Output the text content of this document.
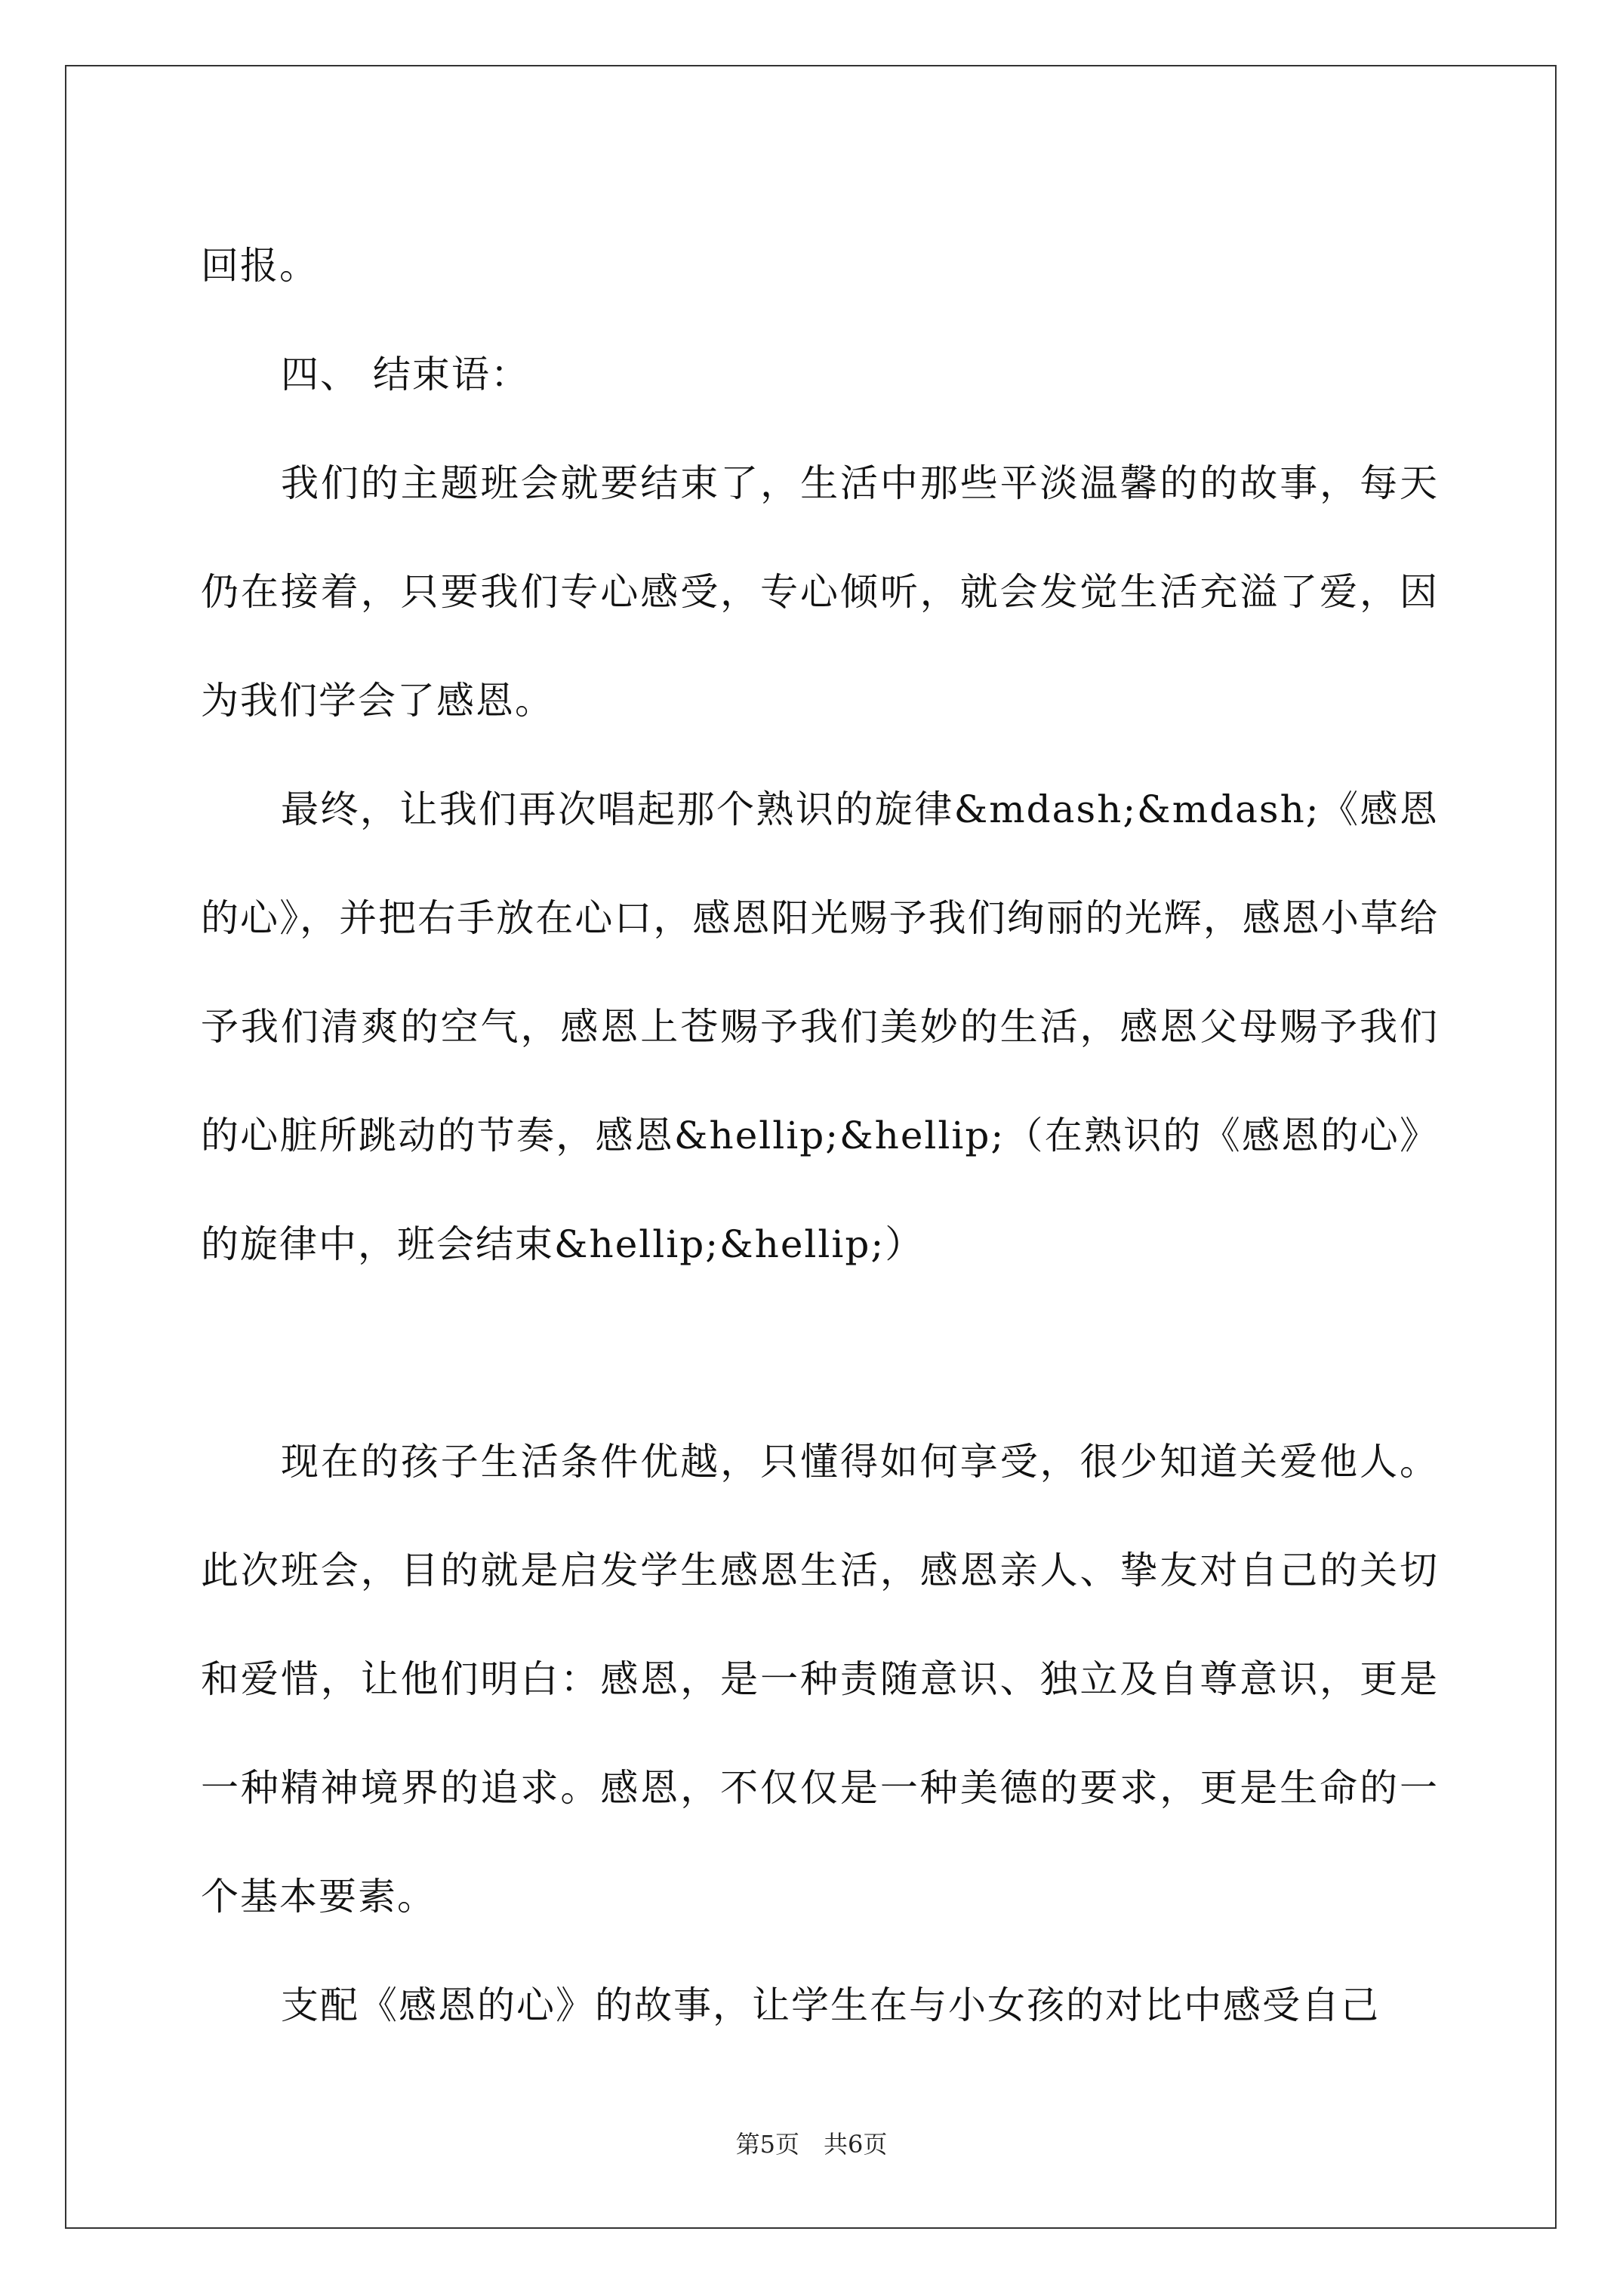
回报。

四、 结束语：

我们的主题班会就要结束了，生活中那些平淡温馨的的故事，每天仍在接着，只要我们专心感受，专心倾听，就会发觉生活充溢了爱，因为我们学会了感恩。

最终，让我们再次唱起那个熟识的旋律&mdash;&mdash;《感恩的心》，并把右手放在心口，感恩阳光赐予我们绚丽的光辉，感恩小草给予我们清爽的空气，感恩上苍赐予我们美妙的生活，感恩父母赐予我们的心脏所跳动的节奏，感恩&hellip;&hellip;（在熟识的《感恩的心》的旋律中，班会结束&hellip;&hellip;）

现在的孩子生活条件优越，只懂得如何享受，很少知道关爱他人。此次班会，目的就是启发学生感恩生活，感恩亲人、挚友对自己的关切和爱惜，让他们明白：感恩，是一种责随意识、独立及自尊意识，更是一种精神境界的追求。感恩，不仅仅是一种美德的要求，更是生命的一个基本要素。

支配《感恩的心》的故事，让学生在与小女孩的对比中感受自己

第5页　共6页
